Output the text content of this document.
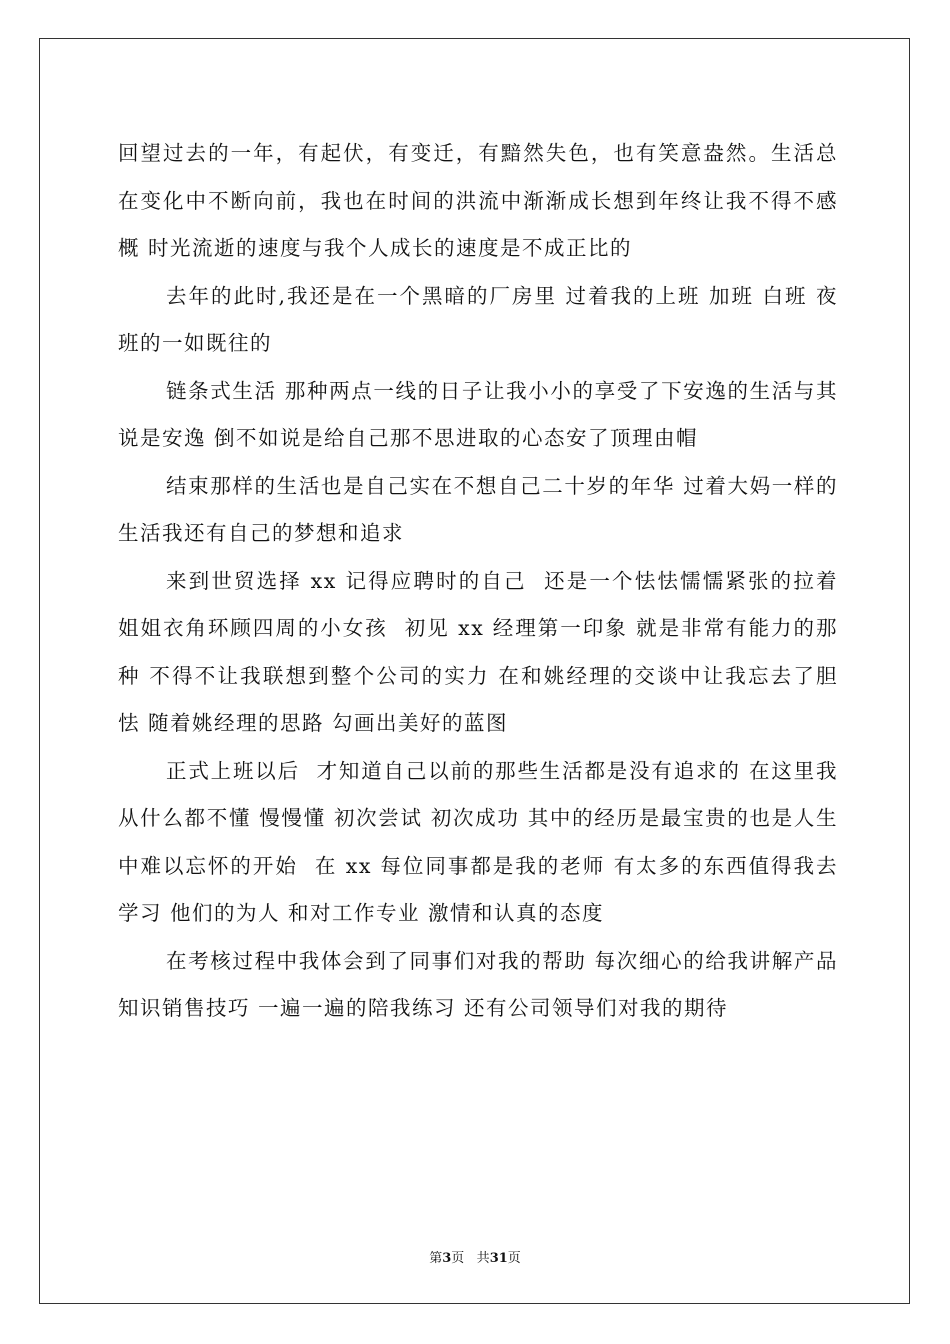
回望过去的一年，有起伏，有变迁，有黯然失色，也有笑意盎然。生活总在变化中不断向前，我也在时间的洪流中渐渐成长想到年终让我不得不感概 时光流逝的速度与我个人成长的速度是不成正比的

去年的此时,我还是在一个黑暗的厂房里 过着我的上班 加班 白班 夜班的一如既往的

链条式生活 那种两点一线的日子让我小小的享受了下安逸的生活与其说是安逸 倒不如说是给自己那不思进取的心态安了顶理由帽

结束那样的生活也是自己实在不想自己二十岁的年华 过着大妈一样的生活我还有自己的梦想和追求

来到世贸选择 xx 记得应聘时的自己  还是一个怯怯懦懦紧张的拉着姐姐衣角环顾四周的小女孩  初见 xx 经理第一印象 就是非常有能力的那种 不得不让我联想到整个公司的实力 在和姚经理的交谈中让我忘去了胆怯 随着姚经理的思路 勾画出美好的蓝图

正式上班以后  才知道自己以前的那些生活都是没有追求的 在这里我从什么都不懂 慢慢懂 初次尝试 初次成功 其中的经历是最宝贵的也是人生中难以忘怀的开始  在 xx 每位同事都是我的老师 有太多的东西值得我去学习 他们的为人 和对工作专业 激情和认真的态度

在考核过程中我体会到了同事们对我的帮助 每次细心的给我讲解产品知识销售技巧 一遍一遍的陪我练习 还有公司领导们对我的期待

第3页 共31页
